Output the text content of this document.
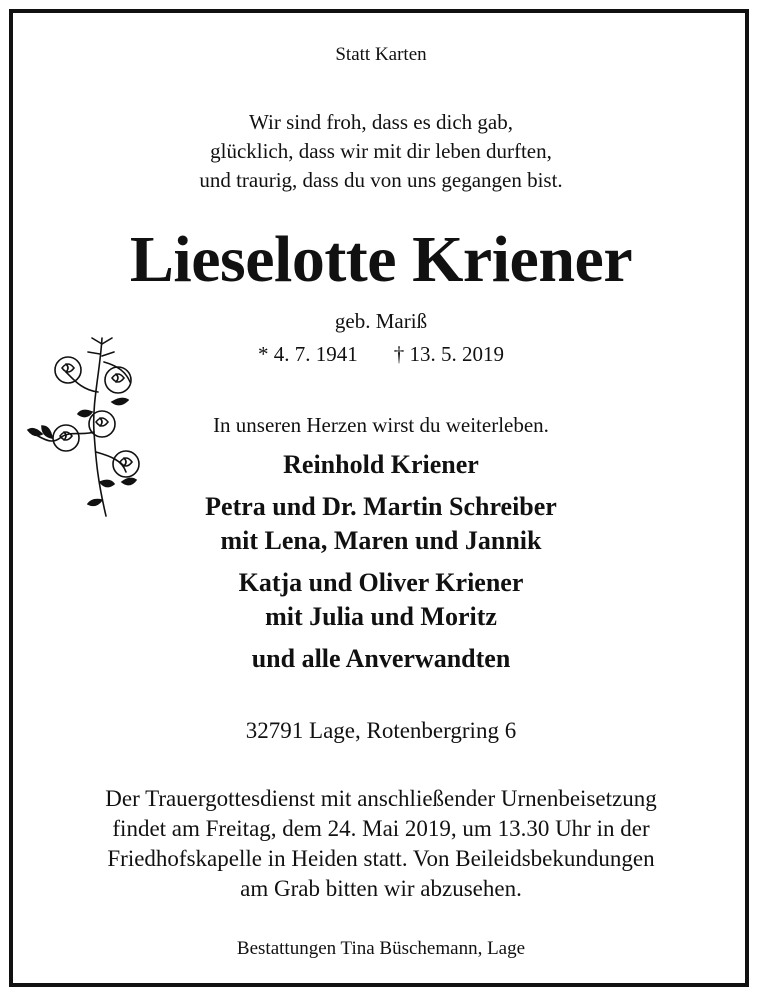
Statt Karten
Wir sind froh, dass es dich gab,
glücklich, dass wir mit dir leben durften,
und traurig, dass du von uns gegangen bist.
Lieselotte Kriener
geb. Mariß
* 4. 7. 1941 † 13. 5. 2019
In unseren Herzen wirst du weiterleben.
Reinhold Kriener
Petra und Dr. Martin Schreiber
mit Lena, Maren und Jannik
Katja und Oliver Kriener
mit Julia und Moritz
und alle Anverwandten
32791 Lage, Rotenbergring 6
Der Trauergottesdienst mit anschließender Urnenbeisetzung
findet am Freitag, dem 24. Mai 2019, um 13.30 Uhr in der
Friedhofskapelle in Heiden statt. Von Beileidsbekundungen
am Grab bitten wir abzusehen.
Bestattungen Tina Büschemann, Lage
